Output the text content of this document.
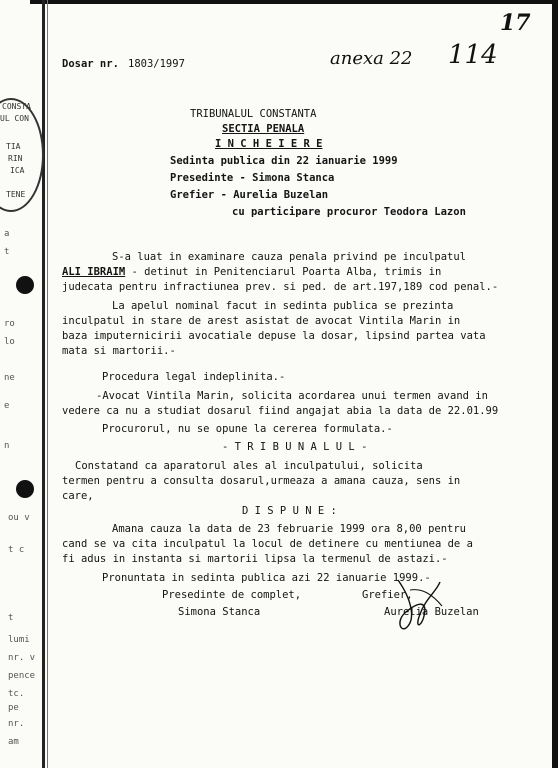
CONSTA
UL CON
TIA
RIN
ICA
TENE
a
t
ro
lo
ne
e
n
ou v
t c
t
lumi
nr. v
pence
tc.
pe
nr.
am
Dosar nr. 1803/1997	anexa 22 114
17
TRIBUNALUL CONSTANTA
SECTIA PENALA
I N C H E I E R E
Sedinta publica din 22 ianuarie 1999
Presedinte - Simona Stanca
Grefier - Aurelia Buzelan
cu participare procuror Teodora Lazon
S-a luat in examinare cauza penala privind pe inculpatul
ALI IBRAIM - detinut in Penitenciarul Poarta Alba, trimis in
judecata pentru infractiunea prev. si ped. de art.197,189 cod penal.-
La apelul nominal facut in sedinta publica se prezinta
inculpatul in stare de arest asistat de avocat Vintila Marin in
baza imputernicirii avocatiale depuse la dosar, lipsind partea vata
mata si martorii.-
Procedura legal indeplinita.-
-Avocat Vintila Marin, solicita acordarea unui termen avand in
vedere ca nu a studiat dosarul fiind angajat abia la data de 22.01.99
Procurorul, nu se opune la cererea formulata.-
- T R I B U N A L U L -
Constatand ca aparatorul ales al inculpatului, solicita
termen pentru a consulta dosarul,urmeaza a amana cauza, sens in
care,
D I S P U N E :
Amana cauza la data de 23 februarie 1999 ora 8,00 pentru
cand se va cita inculpatul la locul de detinere cu mentiunea de a
fi adus in instanta si martorii lipsa la termenul de astazi.-
Pronuntata in sedinta publica azi 22 ianuarie 1999.-
Presedinte de complet,
Simona Stanca
Grefier,
Aurelia Buzelan
